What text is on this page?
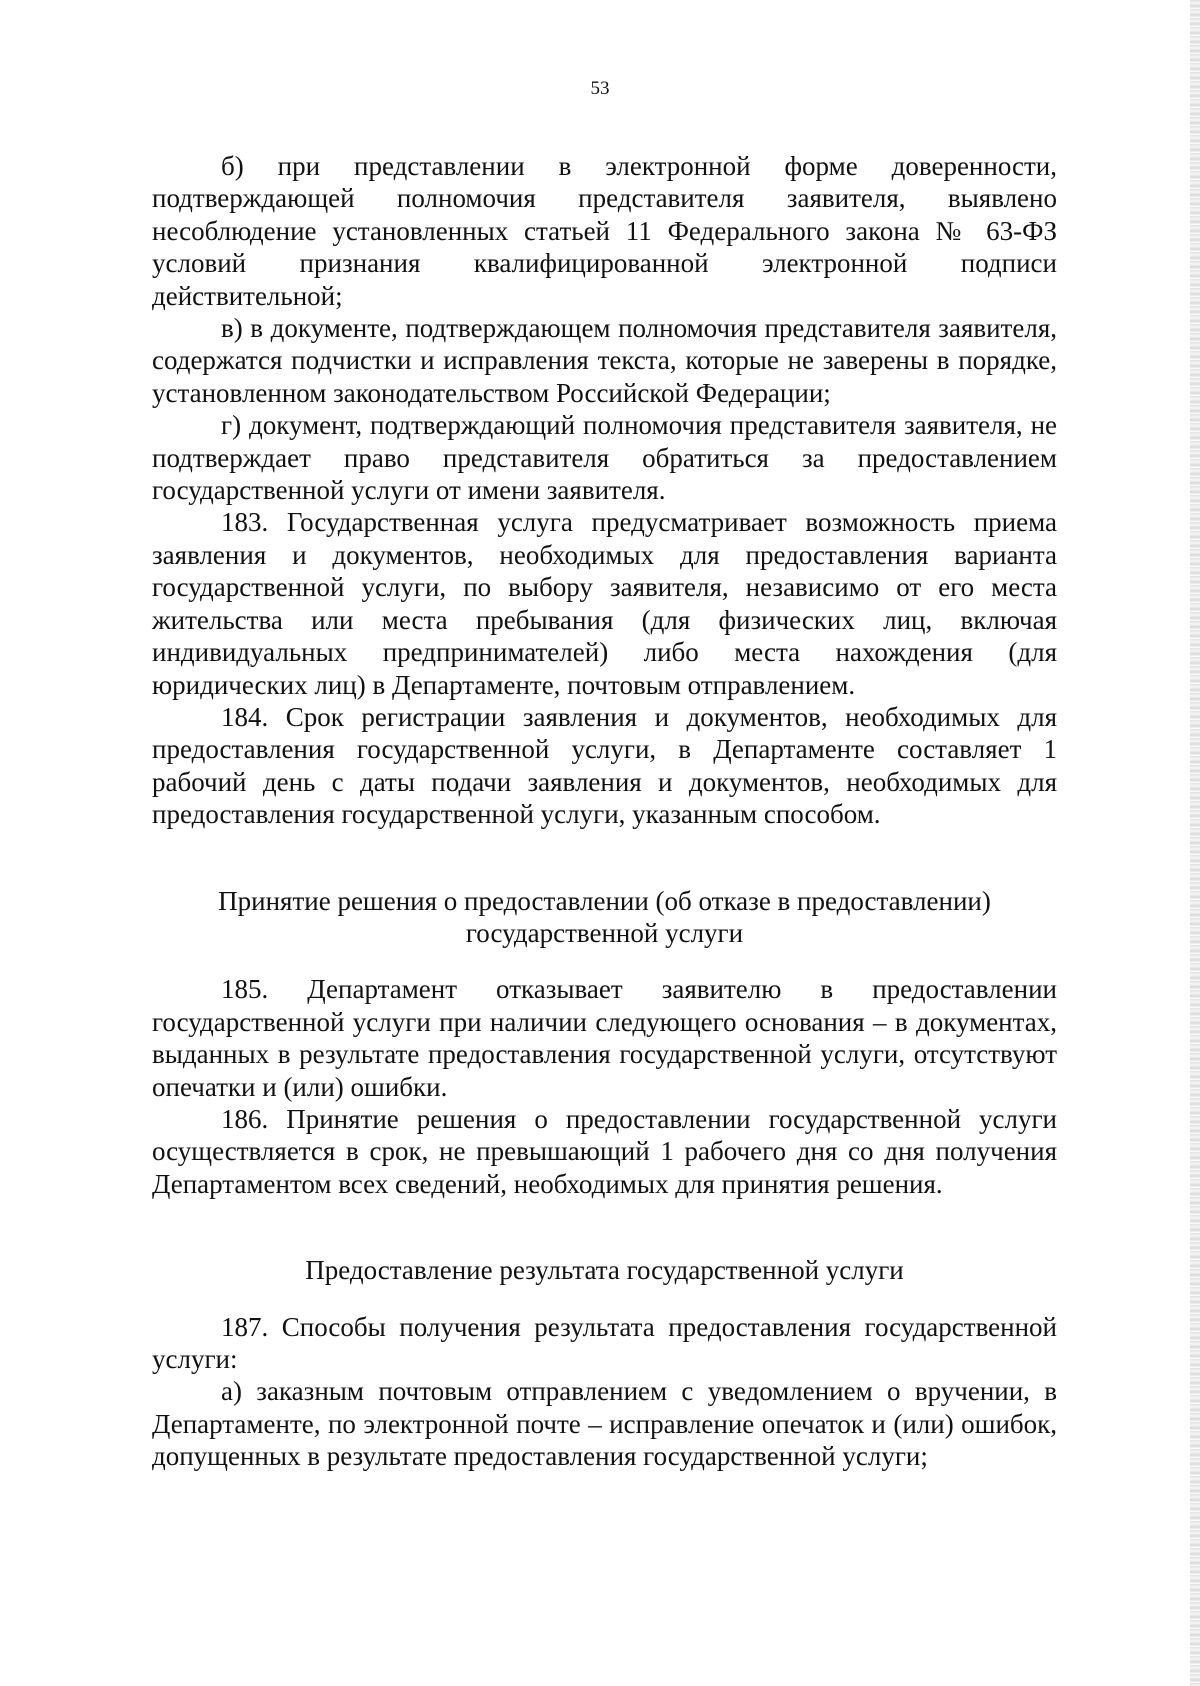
53

б) при представлении в электронной форме доверенности, подтверждающей полномочия представителя заявителя, выявлено несоблюдение установленных статьей 11 Федерального закона № 63-ФЗ условий признания квалифицированной электронной подписи действительной;

в) в документе, подтверждающем полномочия представителя заявителя, содержатся подчистки и исправления текста, которые не заверены в порядке, установленном законодательством Российской Федерации;

г) документ, подтверждающий полномочия представителя заявителя, не подтверждает право представителя обратиться за предоставлением государственной услуги от имени заявителя.

183. Государственная услуга предусматривает возможность приема заявления и документов, необходимых для предоставления варианта государственной услуги, по выбору заявителя, независимо от его места жительства или места пребывания (для физических лиц, включая индивидуальных предпринимателей) либо места нахождения (для юридических лиц) в Департаменте, почтовым отправлением.

184. Срок регистрации заявления и документов, необходимых для предоставления государственной услуги, в Департаменте составляет 1 рабочий день с даты подачи заявления и документов, необходимых для предоставления государственной услуги, указанным способом.

Принятие решения о предоставлении (об отказе в предоставлении)

государственной услуги

185. Департамент отказывает заявителю в предоставлении государственной услуги при наличии следующего основания – в документах, выданных в результате предоставления государственной услуги, отсутствуют опечатки и (или) ошибки.

186. Принятие решения о предоставлении государственной услуги осуществляется в срок, не превышающий 1 рабочего дня со дня получения Департаментом всех сведений, необходимых для принятия решения.

Предоставление результата государственной услуги

187. Способы получения результата предоставления государственной услуги:

а) заказным почтовым отправлением с уведомлением о вручении, в Департаменте, по электронной почте – исправление опечаток и (или) ошибок, допущенных в результате предоставления государственной услуги;
